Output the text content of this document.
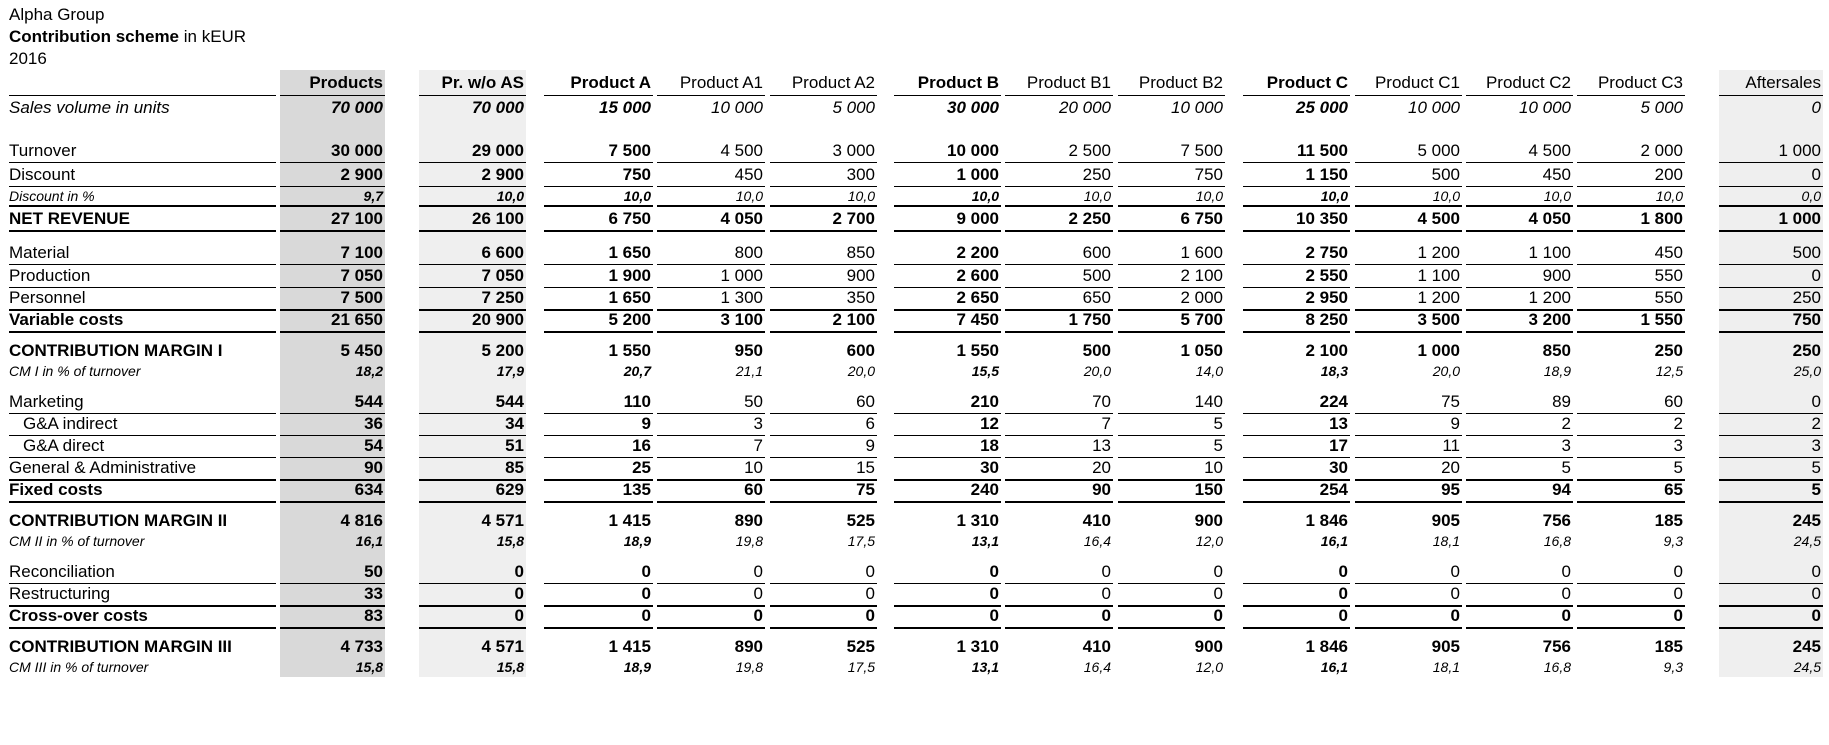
Alpha Group
Contribution scheme in kEUR
2016
Products	Pr. w/o AS	Product A	Product A1	Product A2	Product B	Product B1	Product B2	Product C	Product C1	Product C2	Product C3	Aftersales
Sales volume in units	70 000	70 000	15 000	10 000	5 000	30 000	20 000	10 000	25 000	10 000	10 000	5 000	0
Turnover	30 000	29 000	7 500	4 500	3 000	10 000	2 500	7 500	11 500	5 000	4 500	2 000	1 000
Discount	2 900	2 900	750	450	300	1 000	250	750	1 150	500	450	200	0
Discount in %	9,7	10,0	10,0	10,0	10,0	10,0	10,0	10,0	10,0	10,0	10,0	10,0	0,0
NET REVENUE	27 100	26 100	6 750	4 050	2 700	9 000	2 250	6 750	10 350	4 500	4 050	1 800	1 000
Material	7 100	6 600	1 650	800	850	2 200	600	1 600	2 750	1 200	1 100	450	500
Production	7 050	7 050	1 900	1 000	900	2 600	500	2 100	2 550	1 100	900	550	0
Personnel	7 500	7 250	1 650	1 300	350	2 650	650	2 000	2 950	1 200	1 200	550	250
Variable costs	21 650	20 900	5 200	3 100	2 100	7 450	1 750	5 700	8 250	3 500	3 200	1 550	750
CONTRIBUTION MARGIN I	5 450	5 200	1 550	950	600	1 550	500	1 050	2 100	1 000	850	250	250
CM I in % of turnover	18,2	17,9	20,7	21,1	20,0	15,5	20,0	14,0	18,3	20,0	18,9	12,5	25,0
Marketing	544	544	110	50	60	210	70	140	224	75	89	60	0
G&A indirect	36	34	9	3	6	12	7	5	13	9	2	2	2
G&A direct	54	51	16	7	9	18	13	5	17	11	3	3	3
General & Administrative	90	85	25	10	15	30	20	10	30	20	5	5	5
Fixed costs	634	629	135	60	75	240	90	150	254	95	94	65	5
CONTRIBUTION MARGIN II	4 816	4 571	1 415	890	525	1 310	410	900	1 846	905	756	185	245
CM II in % of turnover	16,1	15,8	18,9	19,8	17,5	13,1	16,4	12,0	16,1	18,1	16,8	9,3	24,5
Reconciliation	50	0	0	0	0	0	0	0	0	0	0	0	0
Restructuring	33	0	0	0	0	0	0	0	0	0	0	0	0
Cross-over costs	83	0	0	0	0	0	0	0	0	0	0	0	0
CONTRIBUTION MARGIN III	4 733	4 571	1 415	890	525	1 310	410	900	1 846	905	756	185	245
CM III in % of turnover	15,8	15,8	18,9	19,8	17,5	13,1	16,4	12,0	16,1	18,1	16,8	9,3	24,5
